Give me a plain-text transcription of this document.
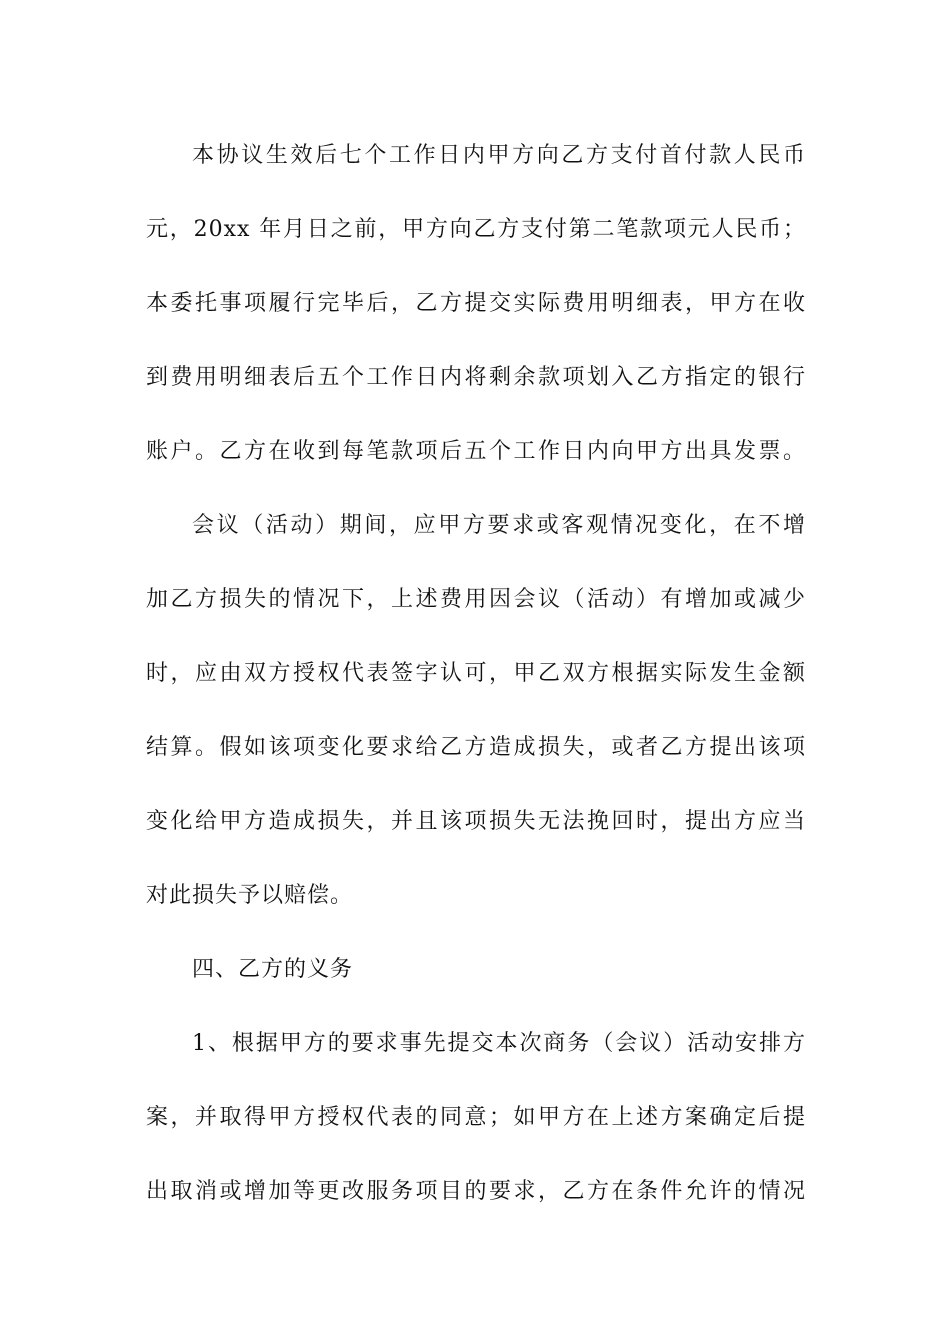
本协议生效后七个工作日内甲方向乙方支付首付款人民币
元，20xx 年月日之前，甲方向乙方支付第二笔款项元人民币；
本委托事项履行完毕后，乙方提交实际费用明细表，甲方在收
到费用明细表后五个工作日内将剩余款项划入乙方指定的银行
账户。乙方在收到每笔款项后五个工作日内向甲方出具发票。
会议（活动）期间，应甲方要求或客观情况变化，在不增
加乙方损失的情况下，上述费用因会议（活动）有增加或减少
时，应由双方授权代表签字认可，甲乙双方根据实际发生金额
结算。假如该项变化要求给乙方造成损失，或者乙方提出该项
变化给甲方造成损失，并且该项损失无法挽回时，提出方应当
对此损失予以赔偿。
四、乙方的义务
1、根据甲方的要求事先提交本次商务（会议）活动安排方
案，并取得甲方授权代表的同意；如甲方在上述方案确定后提
出取消或增加等更改服务项目的要求，乙方在条件允许的情况
